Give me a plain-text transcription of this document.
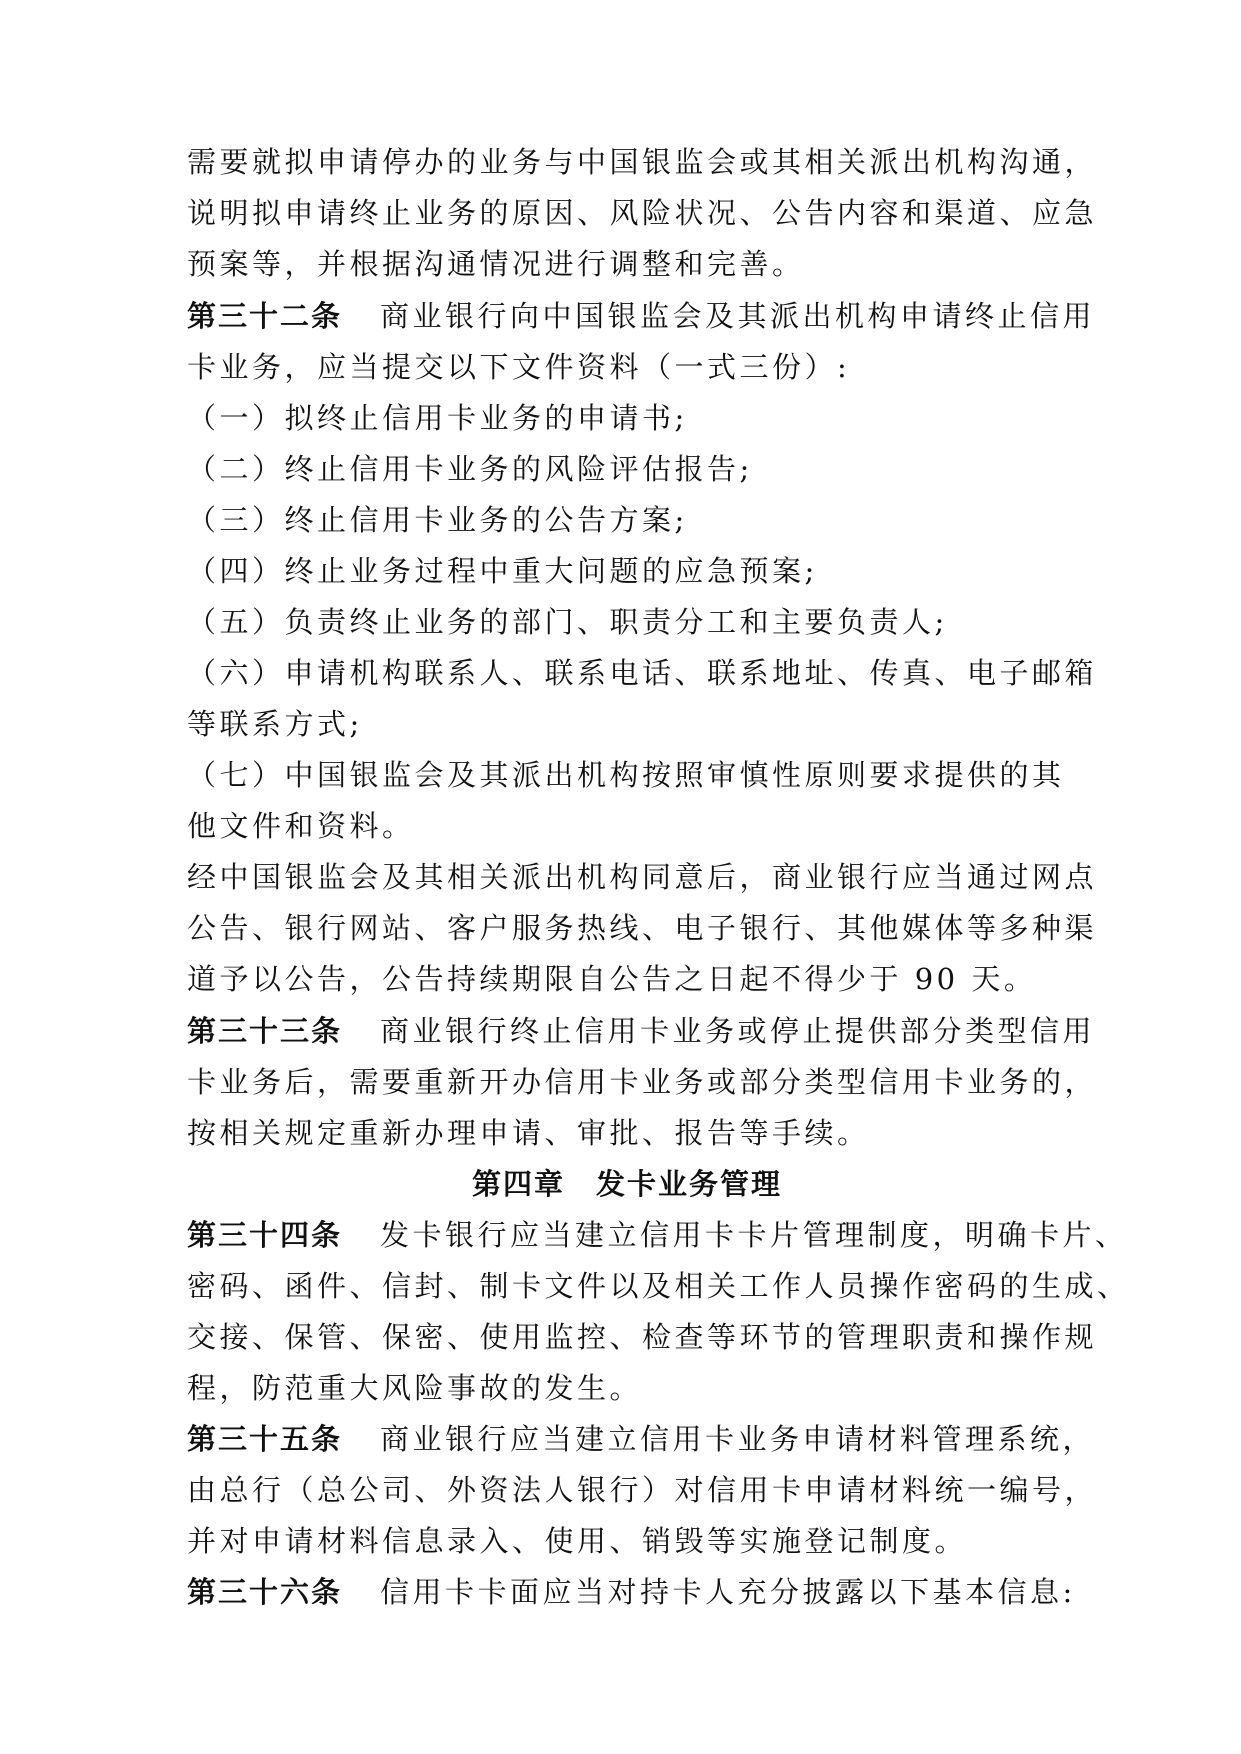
需要就拟申请停办的业务与中国银监会或其相关派出机构沟通，
说明拟申请终止业务的原因、风险状况、公告内容和渠道、应急
预案等，并根据沟通情况进行调整和完善。
第三十二条 商业银行向中国银监会及其派出机构申请终止信用
卡业务，应当提交以下文件资料（一式三份）:
（一）拟终止信用卡业务的申请书;
（二）终止信用卡业务的风险评估报告;
（三）终止信用卡业务的公告方案;
（四）终止业务过程中重大问题的应急预案;
（五）负责终止业务的部门、职责分工和主要负责人;
（六）申请机构联系人、联系电话、联系地址、传真、电子邮箱
等联系方式;
（七）中国银监会及其派出机构按照审慎性原则要求提供的其
他文件和资料。
经中国银监会及其相关派出机构同意后，商业银行应当通过网点
公告、银行网站、客户服务热线、电子银行、其他媒体等多种渠
道予以公告，公告持续期限自公告之日起不得少于 90 天。
第三十三条 商业银行终止信用卡业务或停止提供部分类型信用
卡业务后，需要重新开办信用卡业务或部分类型信用卡业务的，
按相关规定重新办理申请、审批、报告等手续。
第四章　发卡业务管理
第三十四条 发卡银行应当建立信用卡卡片管理制度，明确卡片、
密码、函件、信封、制卡文件以及相关工作人员操作密码的生成、
交接、保管、保密、使用监控、检查等环节的管理职责和操作规
程，防范重大风险事故的发生。
第三十五条 商业银行应当建立信用卡业务申请材料管理系统，
由总行（总公司、外资法人银行）对信用卡申请材料统一编号，
并对申请材料信息录入、使用、销毁等实施登记制度。
第三十六条 信用卡卡面应当对持卡人充分披露以下基本信息:
